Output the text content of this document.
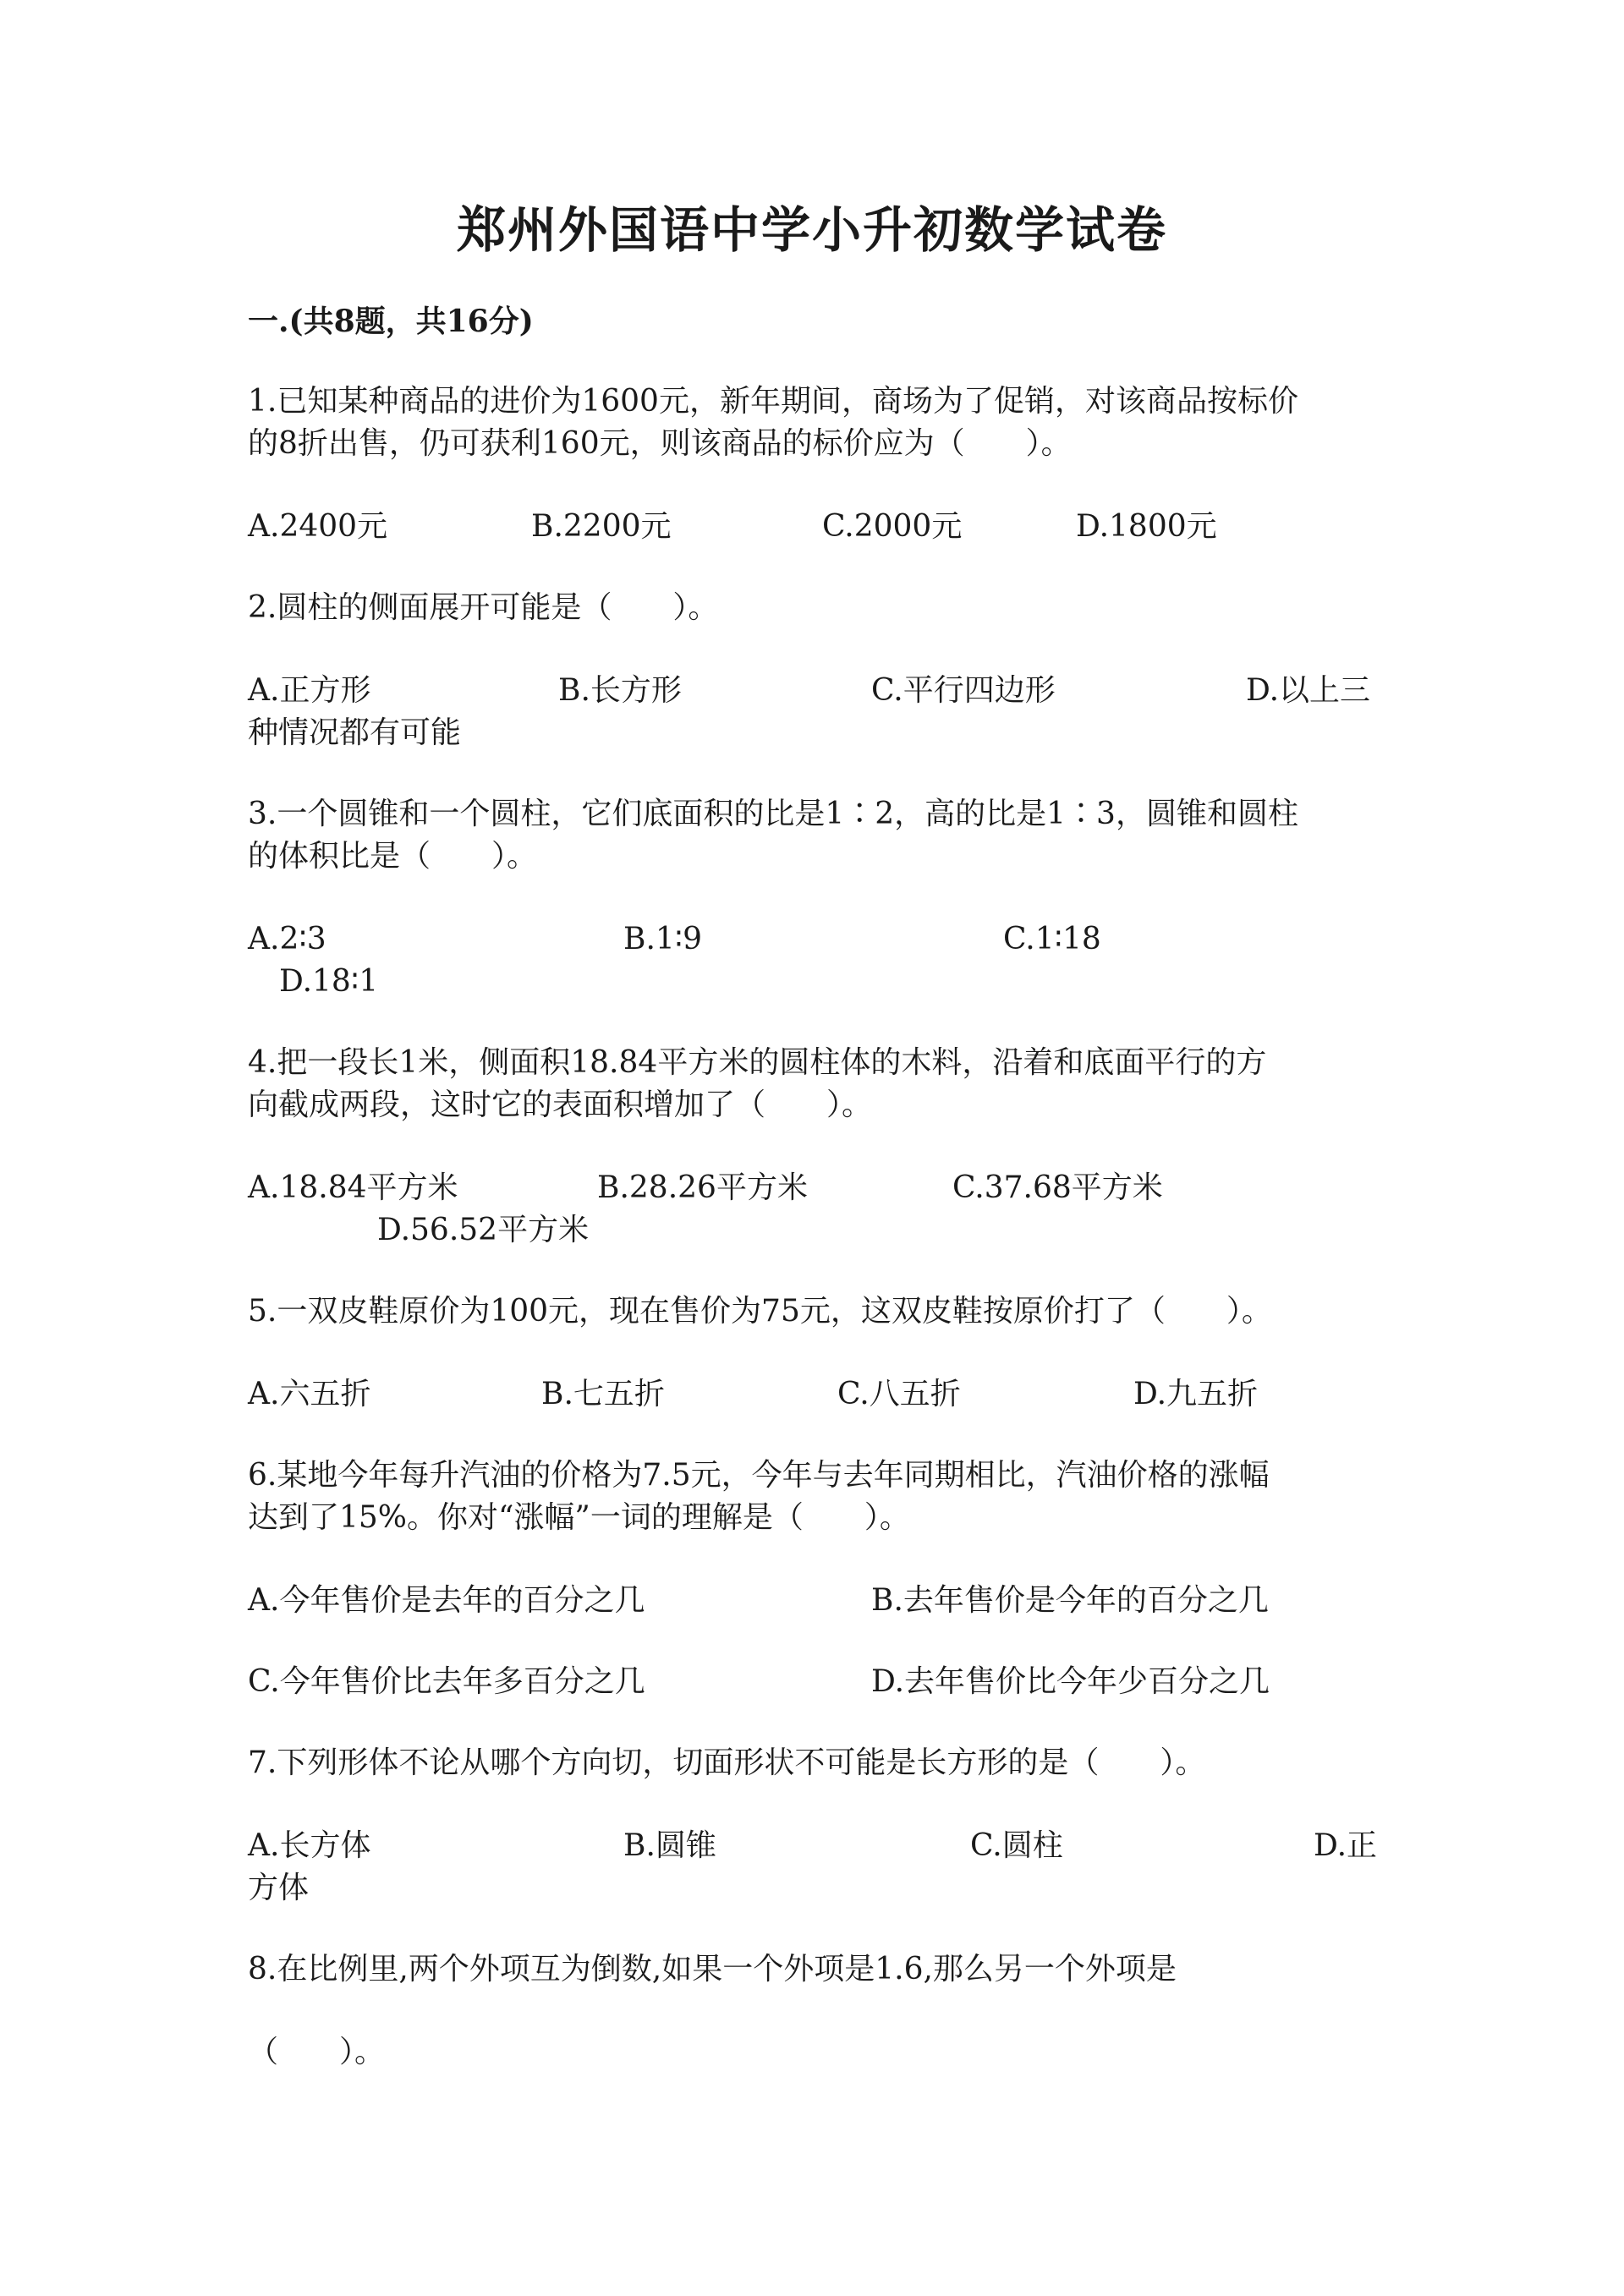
郑州外国语中学小升初数学试卷
一.(共8题，共16分)
1.已知某种商品的进价为1600元，新年期间，商场为了促销，对该商品按标价
的8折出售，仍可获利160元，则该商品的标价应为（　　）。
A.2400元	B.2200元	C.2000元	D.1800元
2.圆柱的侧面展开可能是（　　）。
A.正方形	B.长方形	C.平行四边形	D.以上三
种情况都有可能
3.一个圆锥和一个圆柱，它们底面积的比是1∶2，高的比是1∶3，圆锥和圆柱
的体积比是（　　）。
A.2∶3	B.1∶9	C.1∶18
D.18∶1
4.把一段长1米，侧面积18.84平方米的圆柱体的木料，沿着和底面平行的方
向截成两段，这时它的表面积增加了（　　）。
A.18.84平方米	B.28.26平方米	C.37.68平方米
D.56.52平方米
5.一双皮鞋原价为100元，现在售价为75元，这双皮鞋按原价打了（　　）。
A.六五折	B.七五折	C.八五折	D.九五折
6.某地今年每升汽油的价格为7.5元，今年与去年同期相比，汽油价格的涨幅
达到了15%。你对“涨幅”一词的理解是（　　）。
A.今年售价是去年的百分之几	B.去年售价是今年的百分之几
C.今年售价比去年多百分之几	D.去年售价比今年少百分之几
7.下列形体不论从哪个方向切，切面形状不可能是长方形的是（　　）。
A.长方体	B.圆锥	C.圆柱	D.正
方体
8.在比例里,两个外项互为倒数,如果一个外项是1.6,那么另一个外项是
（　　）。
